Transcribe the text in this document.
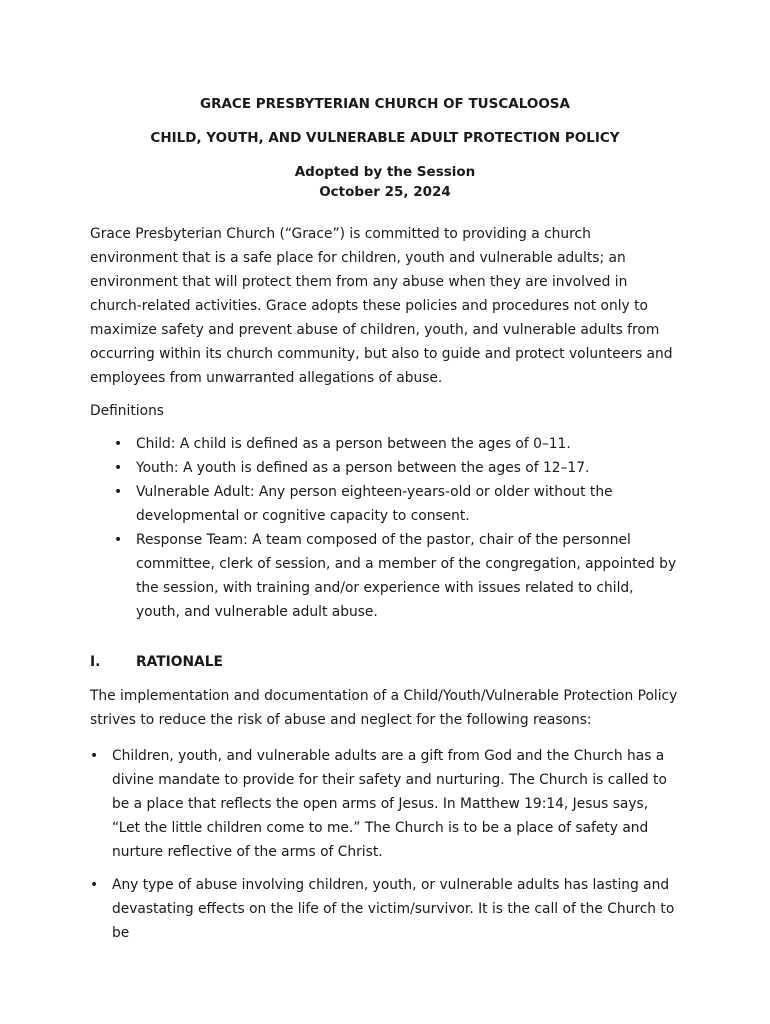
GRACE PRESBYTERIAN CHURCH OF TUSCALOOSA
CHILD, YOUTH, AND VULNERABLE ADULT PROTECTION POLICY
Adopted by the Session
October 25, 2024

Grace Presbyterian Church (“Grace”) is committed to providing a church environment that is a safe place for children, youth and vulnerable adults; an environment that will protect them from any abuse when they are involved in church-related activities. Grace adopts these policies and procedures not only to maximize safety and prevent abuse of children, youth, and vulnerable adults from occurring within its church community, but also to guide and protect volunteers and employees from unwarranted allegations of abuse.

Definitions

• Child: A child is defined as a person between the ages of 0–11.
• Youth: A youth is defined as a person between the ages of 12–17.
• Vulnerable Adult: Any person eighteen-years-old or older without the developmental or cognitive capacity to consent.
• Response Team: A team composed of the pastor, chair of the personnel committee, clerk of session, and a member of the congregation, appointed by the session, with training and/or experience with issues related to child, youth, and vulnerable adult abuse.
I.	RATIONALE

The implementation and documentation of a Child/Youth/Vulnerable Protection Policy strives to reduce the risk of abuse and neglect for the following reasons:

• Children, youth, and vulnerable adults are a gift from God and the Church has a divine mandate to provide for their safety and nurturing. The Church is called to be a place that reflects the open arms of Jesus. In Matthew 19:14, Jesus says, “Let the little children come to me.” The Church is to be a place of safety and nurture reflective of the arms of Christ.
• Any type of abuse involving children, youth, or vulnerable adults has lasting and devastating effects on the life of the victim/survivor. It is the call of the Church to be
